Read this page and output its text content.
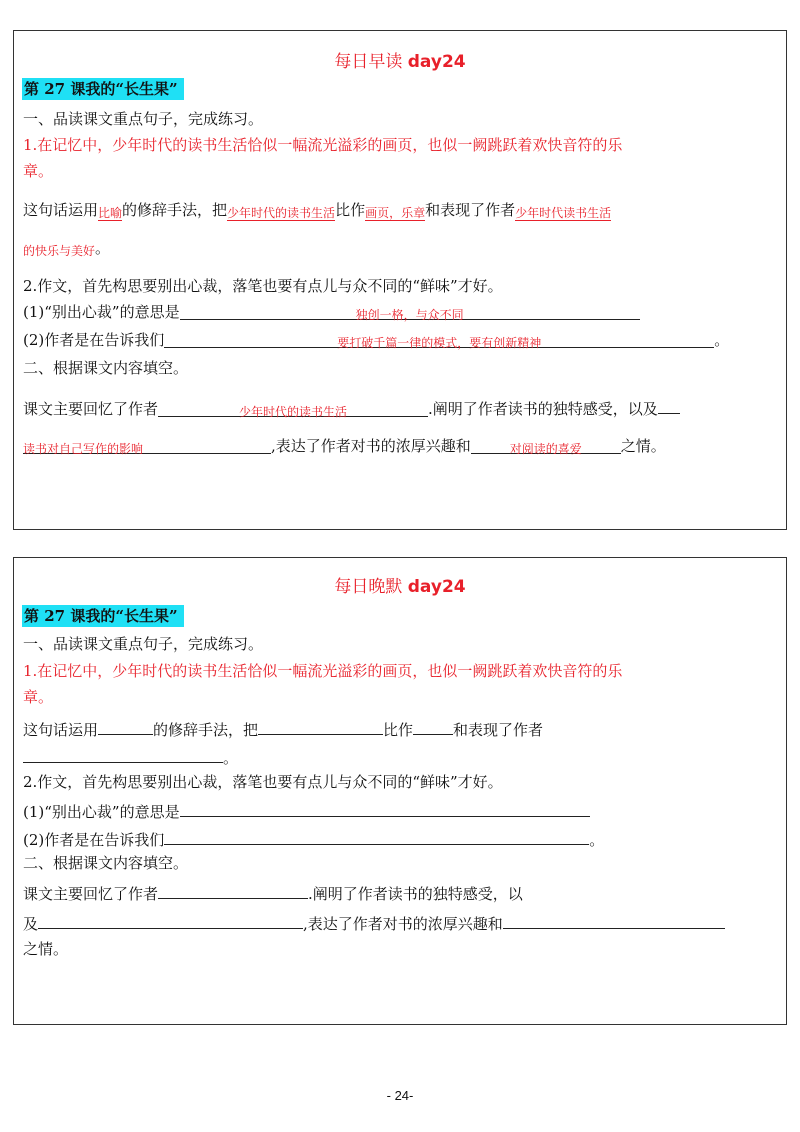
每日早读 day24
第 27 课我的“长生果”
一、品读课文重点句子，完成练习。
1.在记忆中，少年时代的读书生活恰似一幅流光溢彩的画页，也似一阙跳跃着欢快音符的乐
章。
这句话运用比喻的修辞手法，把少年时代的读书生活比作画页，乐章和表现了作者少年时代读书生活
的快乐与美好。
2.作文，首先构思要别出心裁，落笔也要有点儿与众不同的“鲜味”才好。
(1)“别出心裁”的意思是	独创一格，与众不同
(2)作者是在告诉我们	要打破千篇一律的模式，要有创新精神	。
二、根据课文内容填空。
课文主要回忆了作者	少年时代的读书生活	.阐明了作者读书的独特感受，以及
读书对自己写作的影响	,表达了作者对书的浓厚兴趣和	对阅读的喜爱	之情。
每日晚默 day24
第 27 课我的“长生果”
一、品读课文重点句子，完成练习。
1.在记忆中，少年时代的读书生活恰似一幅流光溢彩的画页，也似一阙跳跃着欢快音符的乐
章。
这句话运用	的修辞手法，把	比作	和表现了作者
。
2.作文，首先构思要别出心裁，落笔也要有点儿与众不同的“鲜味”才好。
(1)“别出心裁”的意思是
(2)作者是在告诉我们	。
二、根据课文内容填空。
课文主要回忆了作者	.阐明了作者读书的独特感受，以
及	,表达了作者对书的浓厚兴趣和
之情。
- 24-
